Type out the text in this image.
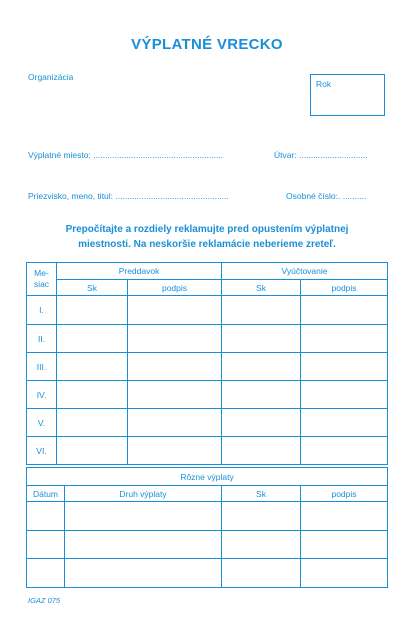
VÝPLATNÉ VRECKO
Organizácia
Rok
Výplatné miesto: .......................................................	Útvar: .............................
Priezvisko, meno, titul: ................................................	Osobné číslo:. ..........
Prepočítajte a rozdiely reklamujte pred opustením výplatnej
miestnosti. Na neskoršie reklamácie neberieme zreteľ.
Me-
siac	Preddavok		Vyúčtovanie	
	Sk	podpis	Sk	podpis
I.				
II.				
III.				
IV.				
V.				
VI.				
Rôzne výplaty			
Dátum	Druh výplaty	Sk	podpis

IGAZ 075
